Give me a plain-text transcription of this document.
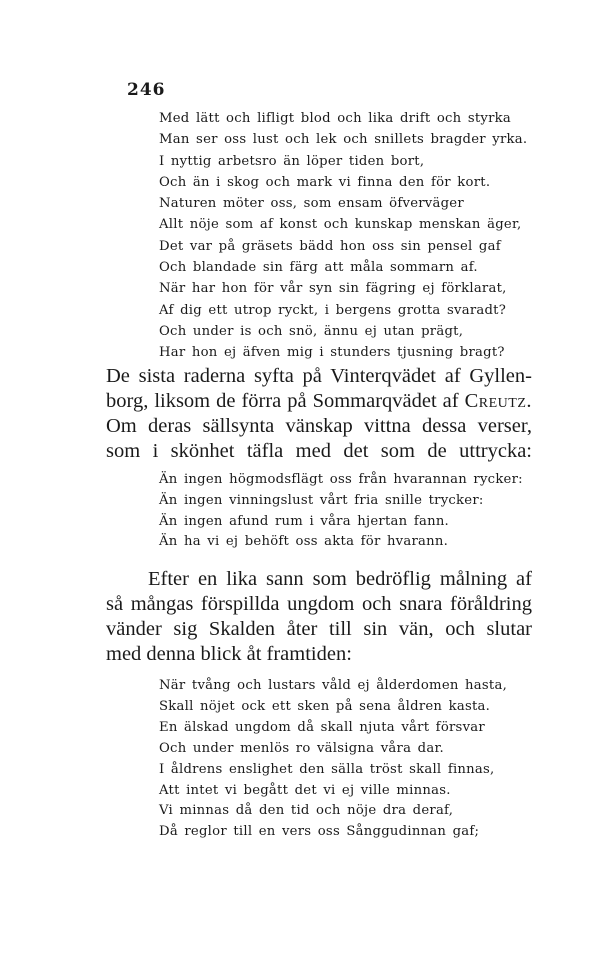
246
Med lätt och lifligt blod och lika drift och styrka
Man ser oss lust och lek och snillets bragder yrka.
I nyttig arbetsro än löper tiden bort,
Och än i skog och mark vi finna den för kort.
Naturen möter oss, som ensam öfverväger
Allt nöje som af konst och kunskap menskan äger,
Det var på gräsets bädd hon oss sin pensel gaf
Och blandade sin färg att måla sommarn af.
När har hon för vår syn sin fägring ej förklarat,
Af dig ett utrop ryckt, i bergens grotta svaradt?
Och under is och snö, ännu ej utan prägt,
Har hon ej äfven mig i stunders tjusning bragt?
De sista raderna syfta på Vinterqvädet af Gyllen-
borg, liksom de förra på Sommarqvädet af Creutz.
Om deras sällsynta vänskap vittna dessa verser,
som i skönhet täfla med det som de uttrycka:
Än ingen högmodsflägt oss från hvarannan rycker:
Än ingen vinningslust vårt fria snille trycker:
Än ingen afund rum i våra hjertan fann.
Än ha vi ej behöft oss akta för hvarann.
Efter en lika sann som bedröflig målning af
så mångas förspillda ungdom och snara föråldring
vänder sig Skalden åter till sin vän, och slutar
med denna blick åt framtiden:
När tvång och lustars våld ej ålderdomen hasta,
Skall nöjet ock ett sken på sena åldren kasta.
En älskad ungdom då skall njuta vårt försvar
Och under menlös ro välsigna våra dar.
I åldrens enslighet den sälla tröst skall finnas,
Att intet vi begått det vi ej ville minnas.
Vi minnas då den tid och nöje dra deraf,
Då reglor till en vers oss Sånggudinnan gaf;
